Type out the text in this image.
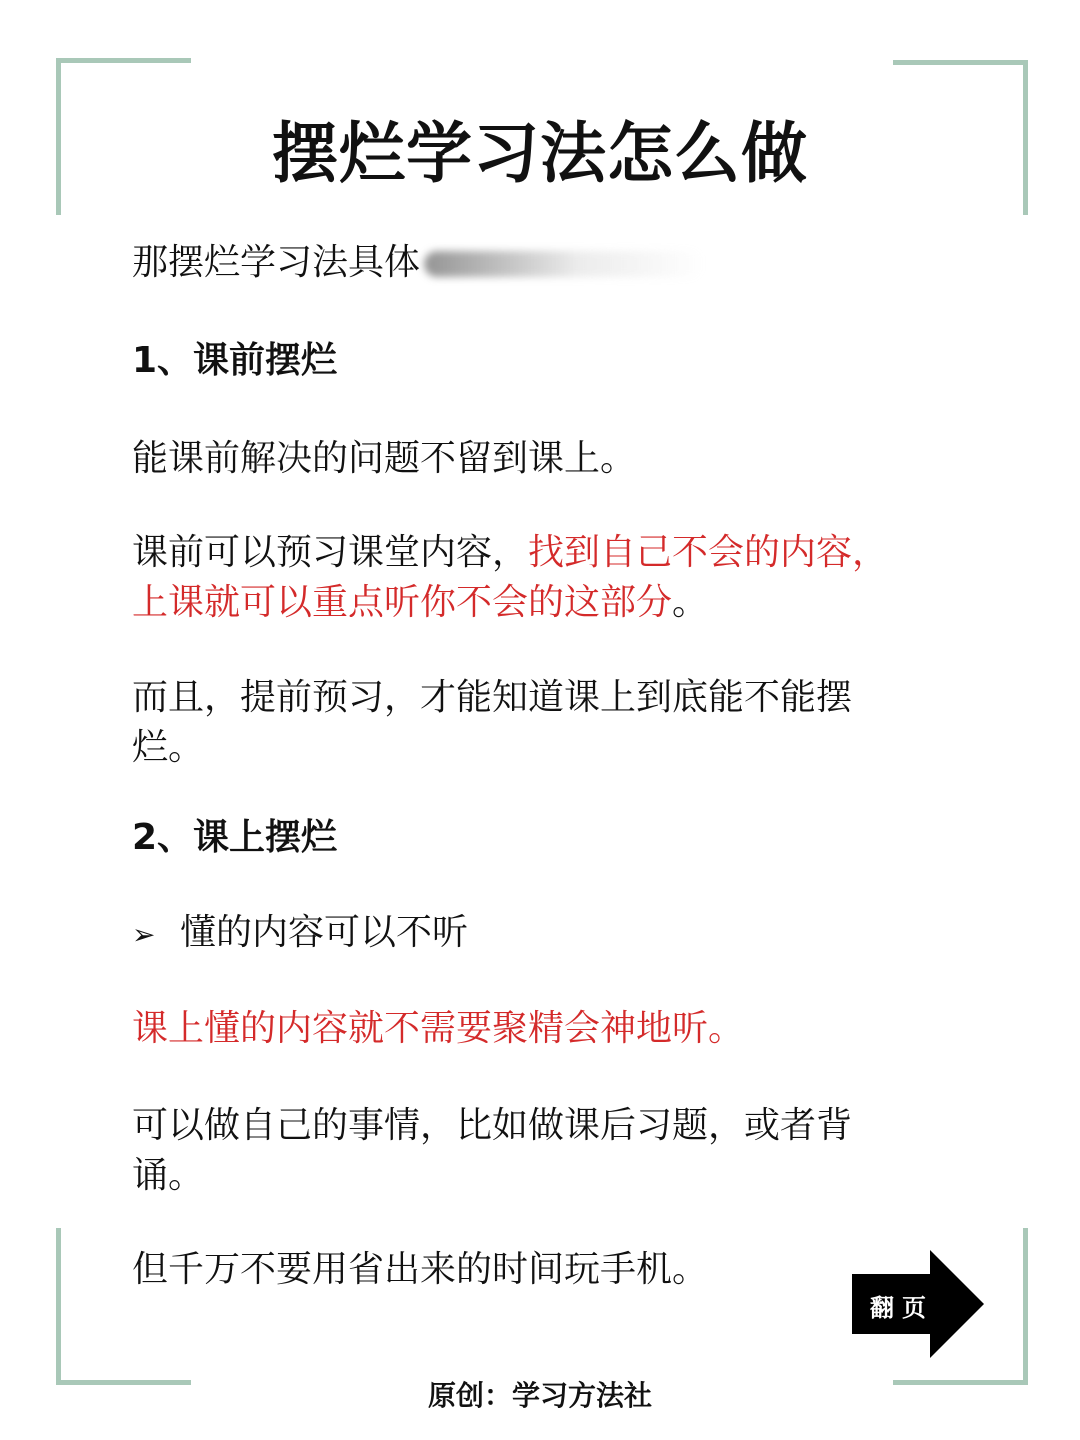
摆烂学习法怎么做

那摆烂学习法具体

1、课前摆烂

能课前解决的问题不留到课上。

课前可以预习课堂内容，找到自己不会的内容，

上课就可以重点听你不会的这部分。

而且，提前预习，才能知道课上到底能不能摆

烂。

2、课上摆烂

➢ 懂的内容可以不听

课上懂的内容就不需要聚精会神地听。

可以做自己的事情，比如做课后习题，或者背

诵。

但千万不要用省出来的时间玩手机。

翻页
原创：学习方法社
